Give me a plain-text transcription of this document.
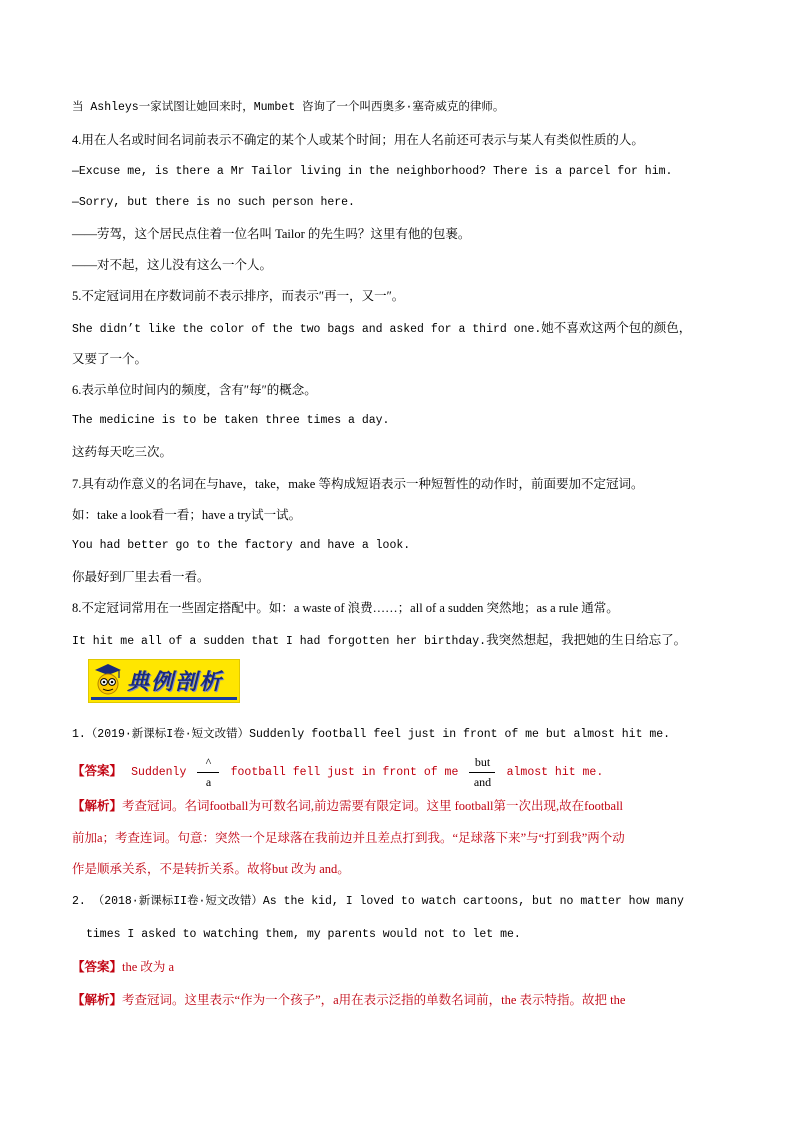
当 Ashleys一家试图让她回来时，Mumbet 咨询了一个叫西奥多·塞奇威克的律师。
4.用在人名或时间名词前表示不确定的某个人或某个时间；用在人名前还可表示与某人有类似性质的人。
—Excuse me, is there a Mr Tailor living in the neighborhood? There is a parcel for him.
—Sorry, but there is no such person here.
——劳驾，这个居民点住着一位名叫 Tailor 的先生吗？这里有他的包裹。
——对不起，这儿没有这么一个人。
5.不定冠词用在序数词前不表示排序，而表示″再一，又一″。
She didn’t like the color of the two bags and asked for a third one.她不喜欢这两个包的颜色，
又要了一个。
6.表示单位时间内的频度，含有″每″的概念。
The medicine is to be taken three times a day.
这药每天吃三次。
7.具有动作意义的名词在与have，take，make 等构成短语表示一种短暂性的动作时，前面要加不定冠词。
如：take a look看一看；have a try试一试。
You had better go to the factory and have a look.
你最好到厂里去看一看。
8.不定冠词常用在一些固定搭配中。如：a waste of 浪费……；all of a sudden 突然地；as a rule 通常。
It hit me all of a sudden that I had forgotten her birthday.我突然想起，我把她的生日给忘了。
典例剖析
1.（2019·新课标I卷·短文改错）Suddenly football feel just in front of me but almost hit me.
【答案】 Suddenly $\frac{\^{}}{a}$ football fell just in front of me $\frac{\text{but}}{\text{and}}$ almost hit me.
【解析】考查冠词。名词football为可数名词,前边需要有限定词。这里 football第一次出现,故在football
前加a；考查连词。句意：突然一个足球落在我前边并且差点打到我。“足球落下来”与“打到我”两个动
作是顺承关系，不是转折关系。故将but 改为 and。
2. （2018·新课标II卷·短文改错）As the kid, I loved to watch cartoons, but no matter how many
times I asked to watching them, my parents would not to let me.
【答案】the 改为 a
【解析】考查冠词。这里表示“作为一个孩子”，a用在表示泛指的单数名词前，the 表示特指。故把 the
